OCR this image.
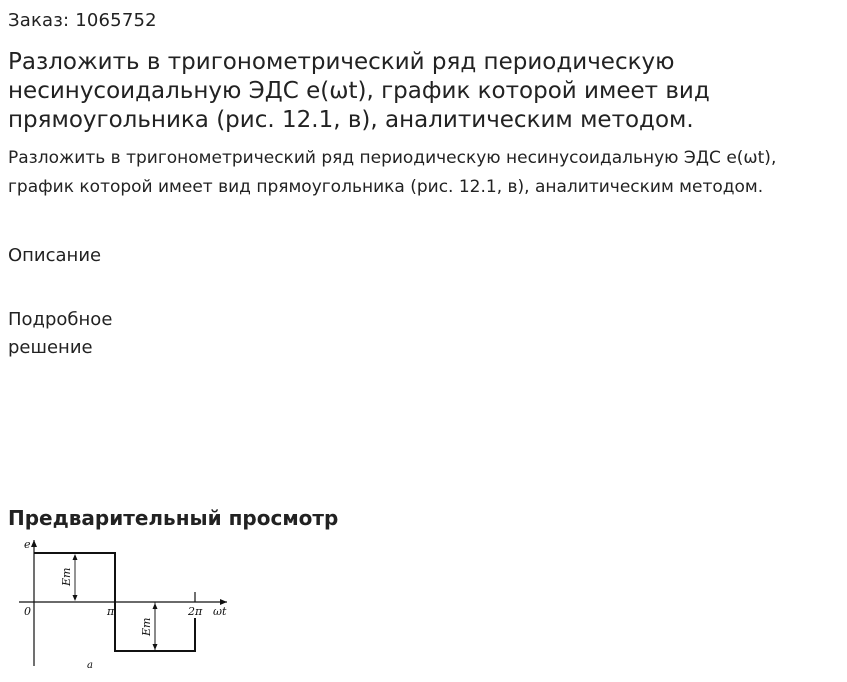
Заказ: 1065752
Разложить в тригонометрический ряд периодическую несинусоидальную ЭДС e(ωt), график которой имеет вид прямоугольника (рис. 12.1, в), аналитическим методом.

Разложить в тригонометрический ряд периодическую несинусоидальную ЭДС e(ωt), график которой имеет вид прямоугольника (рис. 12.1, в), аналитическим методом.

Описание
Подробное решение
Предварительный просмотр
e
ωt
0	π	2π
Em
Em
a
